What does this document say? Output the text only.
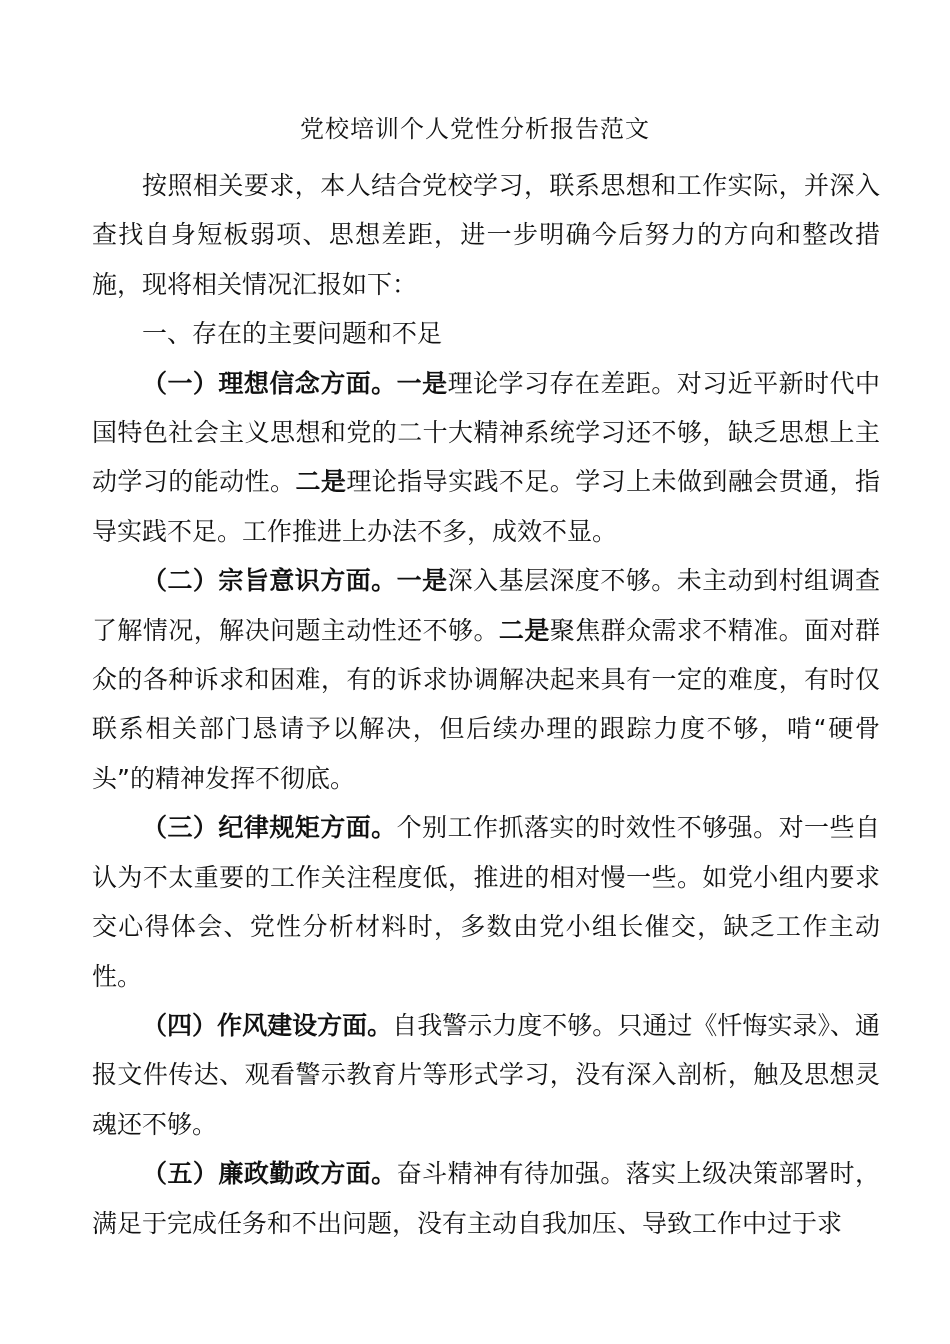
党校培训个人党性分析报告范文

按照相关要求，本人结合党校学习，联系思想和工作实际，并深入查找自身短板弱项、思想差距，进一步明确今后努力的方向和整改措施，现将相关情况汇报如下：

一、存在的主要问题和不足

（一）理想信念方面。一是理论学习存在差距。对习近平新时代中国特色社会主义思想和党的二十大精神系统学习还不够，缺乏思想上主动学习的能动性。二是理论指导实践不足。学习上未做到融会贯通，指导实践不足。工作推进上办法不多，成效不显。

（二）宗旨意识方面。一是深入基层深度不够。未主动到村组调查了解情况，解决问题主动性还不够。二是聚焦群众需求不精准。面对群众的各种诉求和困难，有的诉求协调解决起来具有一定的难度，有时仅联系相关部门恳请予以解决，但后续办理的跟踪力度不够，啃“硬骨头”的精神发挥不彻底。

（三）纪律规矩方面。个别工作抓落实的时效性不够强。对一些自认为不太重要的工作关注程度低，推进的相对慢一些。如党小组内要求交心得体会、党性分析材料时，多数由党小组长催交，缺乏工作主动性。

（四）作风建设方面。自我警示力度不够。只通过《忏悔实录》、通报文件传达、观看警示教育片等形式学习，没有深入剖析，触及思想灵魂还不够。

（五）廉政勤政方面。奋斗精神有待加强。落实上级决策部署时，满足于完成任务和不出问题，没有主动自我加压、导致工作中过于求
